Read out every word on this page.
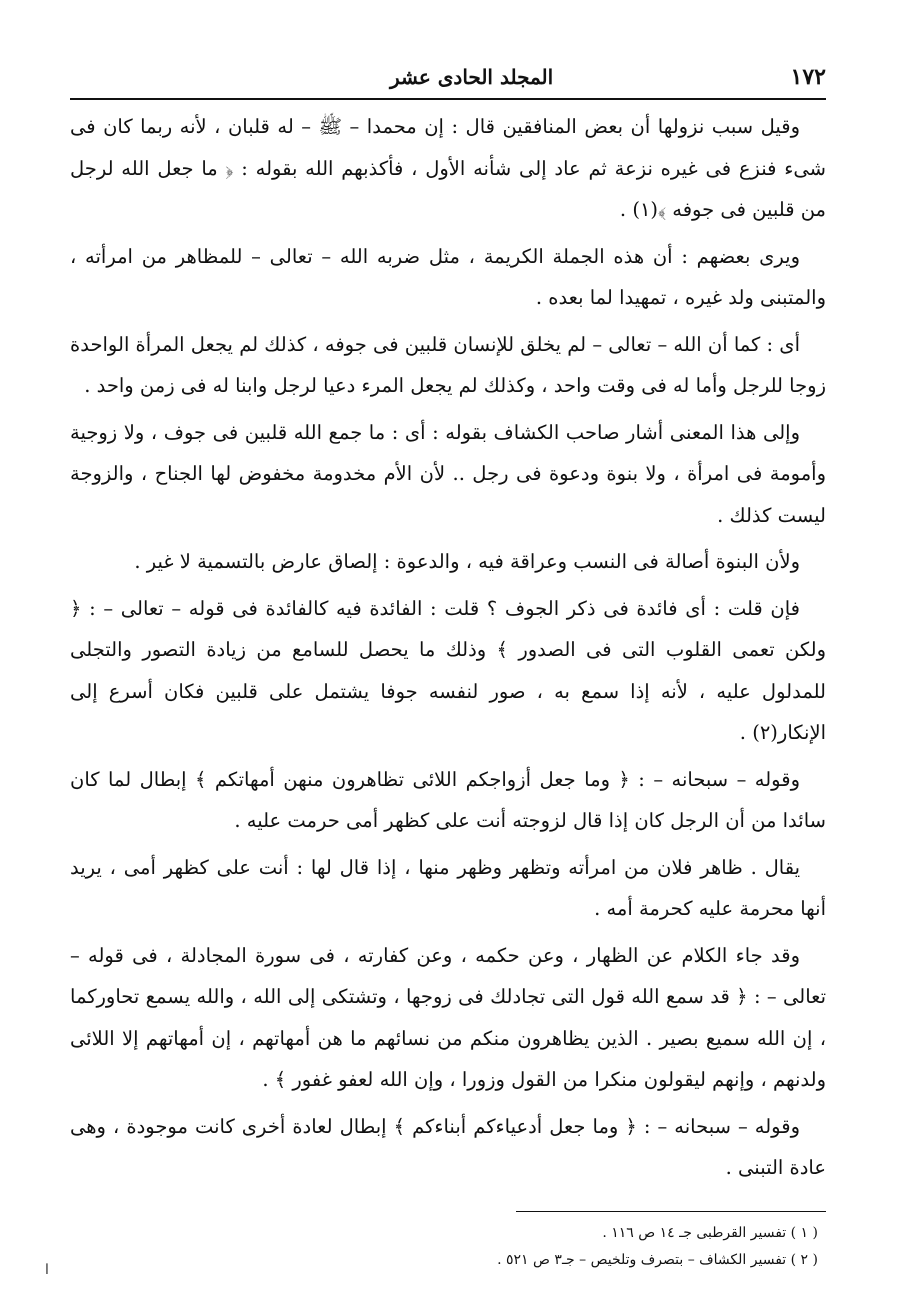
١٧٢
المجلد الحادى عشر

وقيل سبب نزولها أن بعض المنافقين قال : إن محمدا – ﷺ – له قلبان ، لأنه ربما كان فى شىء فنزع فى غيره نزعة ثم عاد إلى شأنه الأول ، فأكذبهم الله بقوله : ﴿ ما جعل الله لرجل من قلبين فى جوفه ﴾(١) .

ويرى بعضهم : أن هذه الجملة الكريمة ، مثل ضربه الله – تعالى – للمظاهر من امرأته ، والمتبنى ولد غيره ، تمهيدا لما بعده .

أى : كما أن الله – تعالى – لم يخلق للإنسان قلبين فى جوفه ، كذلك لم يجعل المرأة الواحدة زوجا للرجل وأما له فى وقت واحد ، وكذلك لم يجعل المرء دعيا لرجل وابنا له فى زمن واحد .

وإلى هذا المعنى أشار صاحب الكشاف بقوله : أى : ما جمع الله قلبين فى جوف ، ولا زوجية وأمومة فى امرأة ، ولا بنوة ودعوة فى رجل .. لأن الأم مخدومة مخفوض لها الجناح ، والزوجة ليست كذلك .

ولأن البنوة أصالة فى النسب وعراقة فيه ، والدعوة : إلصاق عارض بالتسمية لا غير .

فإن قلت : أى فائدة فى ذكر الجوف ؟ قلت : الفائدة فيه كالفائدة فى قوله – تعالى – : ﴿ ولكن تعمى القلوب التى فى الصدور ﴾ وذلك ما يحصل للسامع من زيادة التصور والتجلى للمدلول عليه ، لأنه إذا سمع به ، صور لنفسه جوفا يشتمل على قلبين فكان أسرع إلى الإنكار(٢) .

وقوله – سبحانه – : ﴿ وما جعل أزواجكم اللائى تظاهرون منهن أمهاتكم ﴾ إبطال لما كان سائدا من أن الرجل كان إذا قال لزوجته أنت على كظهر أمى حرمت عليه .

يقال . ظاهر فلان من امرأته وتظهر وظهر منها ، إذا قال لها : أنت على كظهر أمى ، يريد أنها محرمة عليه كحرمة أمه .

وقد جاء الكلام عن الظهار ، وعن حكمه ، وعن كفارته ، فى سورة المجادلة ، فى قوله – تعالى – : ﴿ قد سمع الله قول التى تجادلك فى زوجها ، وتشتكى إلى الله ، والله يسمع تحاوركما ، إن الله سميع بصير . الذين يظاهرون منكم من نسائهم ما هن أمهاتهم ، إن أمهاتهم إلا اللائى ولدنهم ، وإنهم ليقولون منكرا من القول وزورا ، وإن الله لعفو غفور ﴾ .

وقوله – سبحانه – : ﴿ وما جعل أدعياءكم أبناءكم ﴾ إبطال لعادة أخرى كانت موجودة ، وهى عادة التبنى .

( ١ ) تفسير القرطبى جـ ١٤ ص ١١٦ .
( ٢ ) تفسير الكشاف – بتصرف وتلخيص – جـ٣ ص ٥٢١ .
ا
